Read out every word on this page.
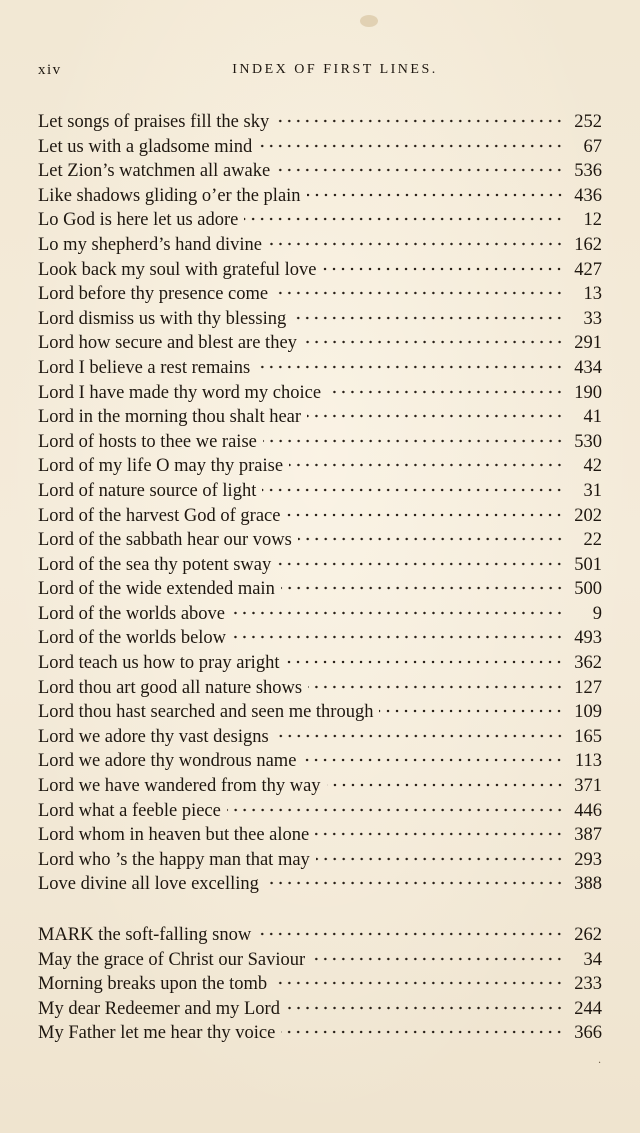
xiv	INDEX OF FIRST LINES.
Let songs of praises fill the sky	252
Let us with a gladsome mind	67
Let Zion’s watchmen all awake	536
Like shadows gliding o’er the plain	436
Lo God is here let us adore	12
Lo my shepherd’s hand divine	162
Look back my soul with grateful love	427
Lord before thy presence come	13
Lord dismiss us with thy blessing	33
Lord how secure and blest are they	291
Lord I believe a rest remains	434
Lord I have made thy word my choice	190
Lord in the morning thou shalt hear	41
Lord of hosts to thee we raise	530
Lord of my life O may thy praise	42
Lord of nature source of light	31
Lord of the harvest God of grace	202
Lord of the sabbath hear our vows	22
Lord of the sea thy potent sway	501
Lord of the wide extended main	500
Lord of the worlds above	9
Lord of the worlds below	493
Lord teach us how to pray aright	362
Lord thou art good all nature shows	127
Lord thou hast searched and seen me through	109
Lord we adore thy vast designs	165
Lord we adore thy wondrous name	113
Lord we have wandered from thy way	371
Lord what a feeble piece	446
Lord whom in heaven but thee alone	387
Lord who ’s the happy man that may	293
Love divine all love excelling	388
MARK the soft-falling snow	262
May the grace of Christ our Saviour	34
Morning breaks upon the tomb	233
My dear Redeemer and my Lord	244
My Father let me hear thy voice	366
·
